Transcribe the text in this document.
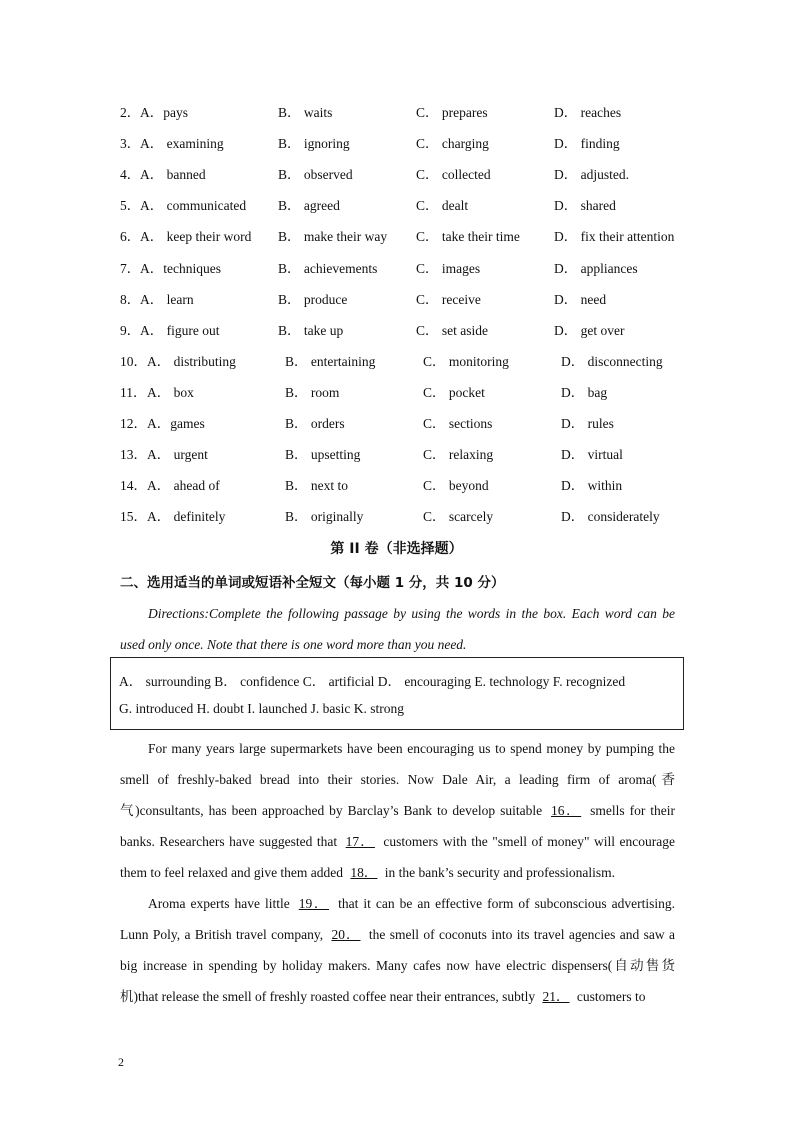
2． A．pays	B． waits	C． prepares	D． reaches
3． A． examining	B． ignoring	C． charging	D． finding
4． A． banned	B． observed	C． collected	D． adjusted.
5． A． communicated B． agreed	C． dealt	D． shared
6． A． keep their word B． make their way C． take their time	D． fix their attention
7． A．techniques	B． achievements	C． images	D． appliances
8． A． learn	B． produce	C． receive	D． need
9． A． figure out	B． take up	C． set aside	D． get over
10． A． distributing	B． entertaining	C． monitoring	D． disconnecting
11． A． box	B． room	C． pocket	D． bag
12． A．games	B． orders	C． sections	D． rules
13． A． urgent	B． upsetting	C． relaxing	D． virtual
14． A． ahead of	B． next to	C． beyond	D． within
15． A． definitely	B． originally	C． scarcely	D． considerately
第 II 卷（非选择题）
二、选用适当的单词或短语补全短文（每小题 1 分，共 10 分）
Directions:Complete the following passage by using the words in the box. Each word can be used only once. Note that there is one word more than you need.
A． surrounding B． confidence C． artificial D． encouraging E. technology F. recognized
G. introduced H. doubt I. launched J. basic K. strong
For many years large supermarkets have been encouraging us to spend money by pumping the smell of freshly-baked bread into their stories. Now Dale Air, a leading firm of aroma(香气)consultants, has been approached by Barclay’s Bank to develop suitable 16． smells for their banks. Researchers have suggested that 17． customers with the "smell of money" will encourage them to feel relaxed and give them added 18． in the bank’s security and professionalism.
Aroma experts have little 19． that it can be an effective form of subconscious advertising. Lunn Poly, a British travel company, 20． the smell of coconuts into its travel agencies and saw a big increase in spending by holiday makers. Many cafes now have electric dispensers(自动售货机)that release the smell of freshly roasted coffee near their entrances, subtly 21． customers to
2
